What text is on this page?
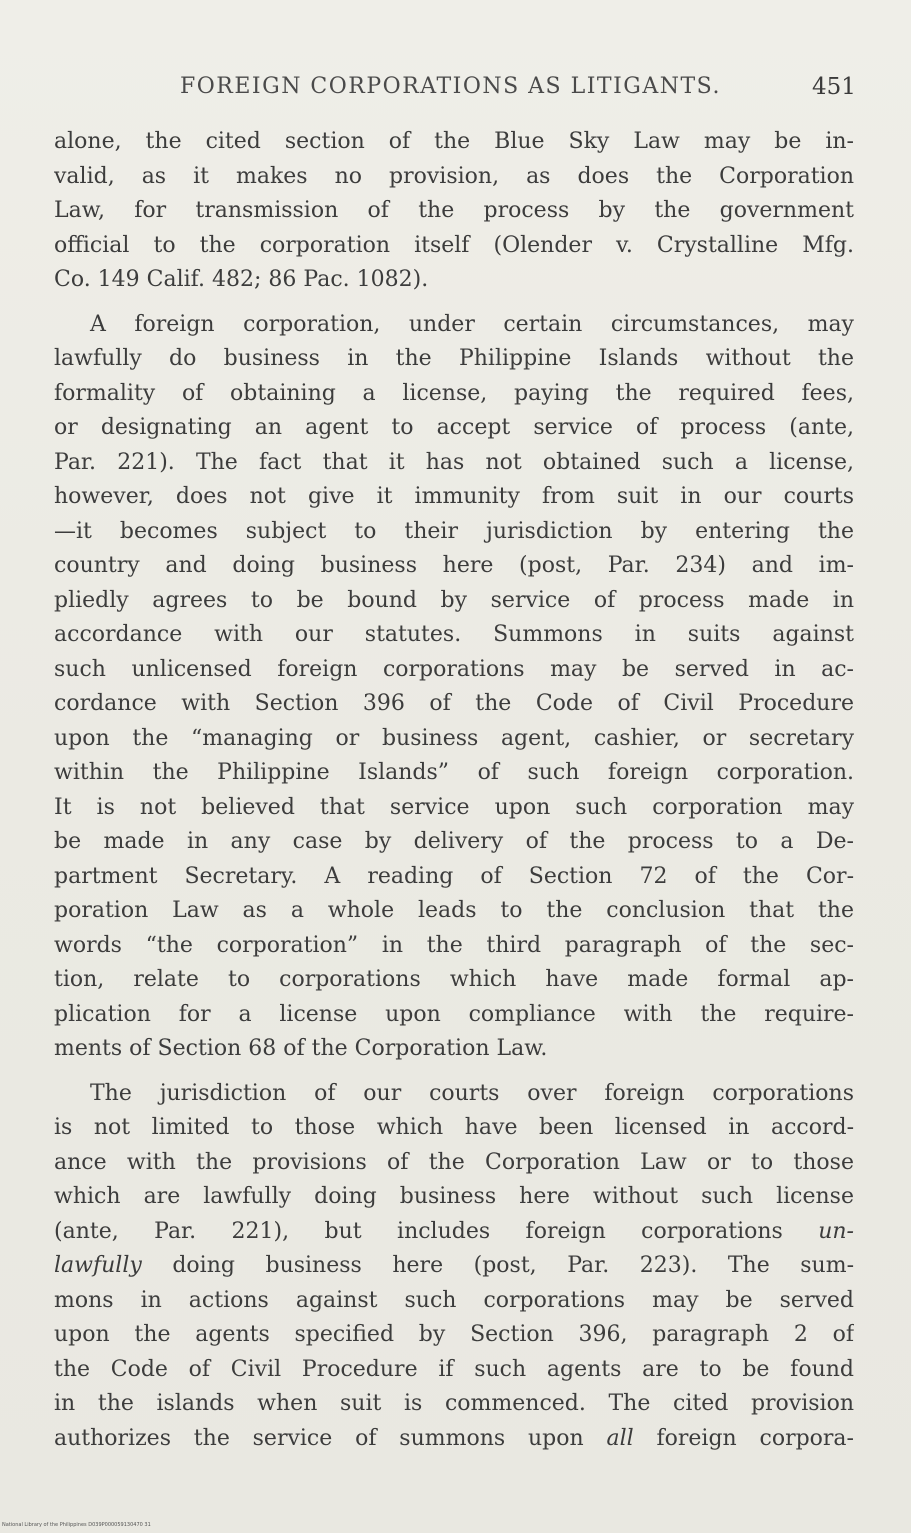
FOREIGN CORPORATIONS AS LITIGANTS.	451
alone, the cited section of the Blue Sky Law may be in-
valid, as it makes no provision, as does the Corporation
Law, for transmission of the process by the government
official to the corporation itself (Olender v. Crystalline Mfg.
Co. 149 Calif. 482; 86 Pac. 1082).
A foreign corporation, under certain circumstances, may
lawfully do business in the Philippine Islands without the
formality of obtaining a license, paying the required fees,
or designating an agent to accept service of process (ante,
Par. 221). The fact that it has not obtained such a license,
however, does not give it immunity from suit in our courts
—it becomes subject to their jurisdiction by entering the
country and doing business here (post, Par. 234) and im-
pliedly agrees to be bound by service of process made in
accordance with our statutes. Summons in suits against
such unlicensed foreign corporations may be served in ac-
cordance with Section 396 of the Code of Civil Procedure
upon the “managing or business agent, cashier, or secretary
within the Philippine Islands” of such foreign corporation.
It is not believed that service upon such corporation may
be made in any case by delivery of the process to a De-
partment Secretary. A reading of Section 72 of the Cor-
poration Law as a whole leads to the conclusion that the
words “the corporation” in the third paragraph of the sec-
tion, relate to corporations which have made formal ap-
plication for a license upon compliance with the require-
ments of Section 68 of the Corporation Law.
The jurisdiction of our courts over foreign corporations
is not limited to those which have been licensed in accord-
ance with the provisions of the Corporation Law or to those
which are lawfully doing business here without such license
(ante, Par. 221), but includes foreign corporations un-
lawfully doing business here (post, Par. 223). The sum-
mons in actions against such corporations may be served
upon the agents specified by Section 396, paragraph 2 of
the Code of Civil Procedure if such agents are to be found
in the islands when suit is commenced. The cited provision
authorizes the service of summons upon all foreign corpora-
National Library of the Philippines D039P000059130470 31
